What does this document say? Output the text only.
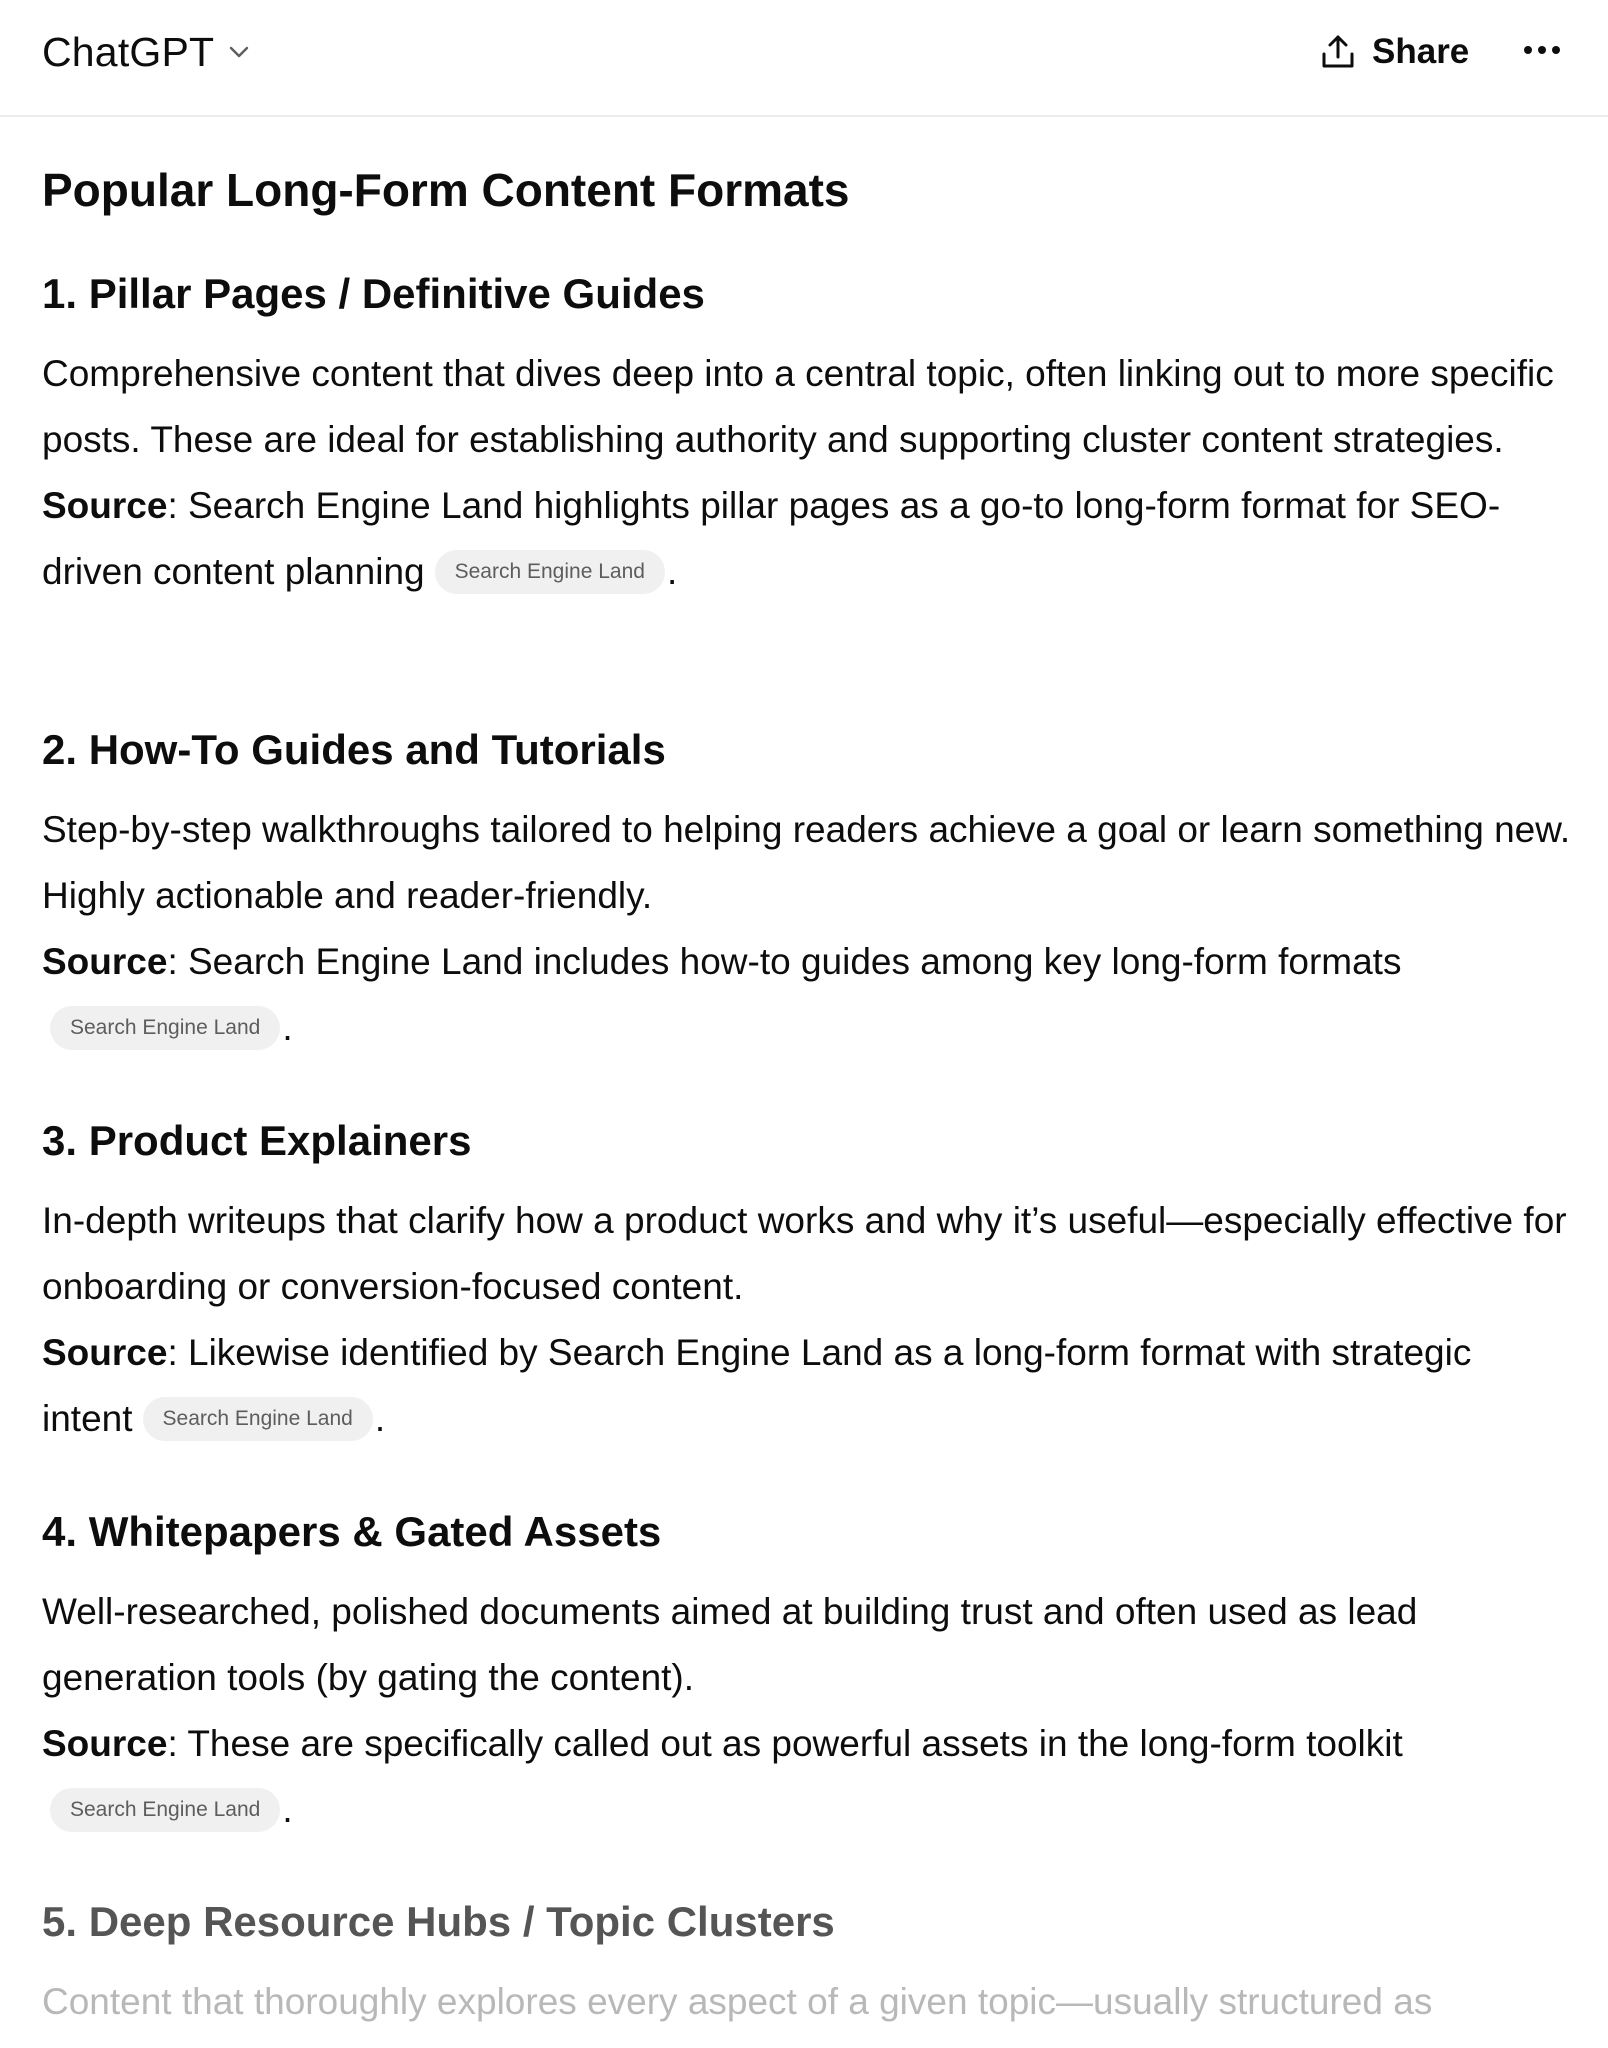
ChatGPT	Share
Popular Long-Form Content Formats
1. Pillar Pages / Definitive Guides

Comprehensive content that dives deep into a central topic, often linking out to more specific posts. These are ideal for establishing authority and supporting cluster content strategies.

Source: Search Engine Land highlights pillar pages as a go-to long-form format for SEO-driven content planning Search Engine Land .

2. How-To Guides and Tutorials

Step-by-step walkthroughs tailored to helping readers achieve a goal or learn something new. Highly actionable and reader-friendly.

Source: Search Engine Land includes how-to guides among key long-form formats Search Engine Land .

3. Product Explainers

In-depth writeups that clarify how a product works and why it’s useful—especially effective for onboarding or conversion-focused content.

Source: Likewise identified by Search Engine Land as a long-form format with strategic intent Search Engine Land .

4. Whitepapers & Gated Assets

Well-researched, polished documents aimed at building trust and often used as lead generation tools (by gating the content).

Source: These are specifically called out as powerful assets in the long-form toolkit Search Engine Land .

5. Deep Resource Hubs / Topic Clusters

Content that thoroughly explores every aspect of a given topic—usually structured as
